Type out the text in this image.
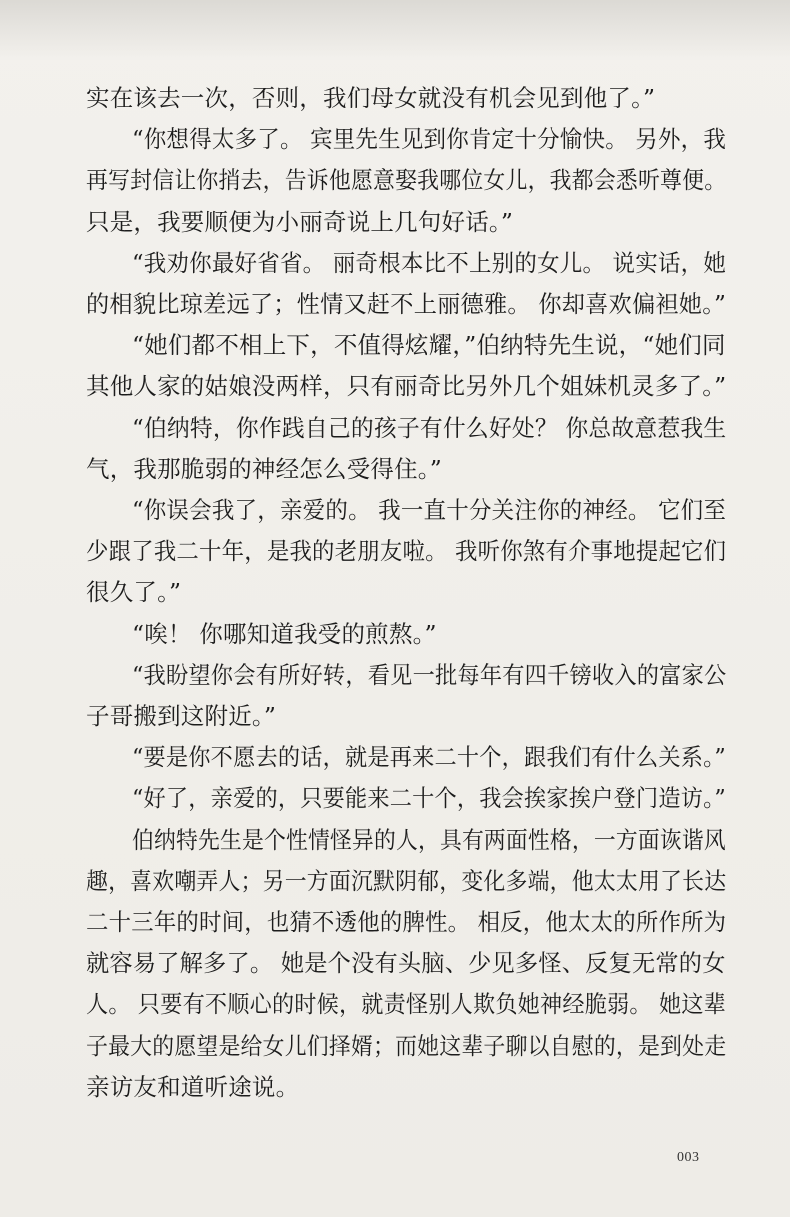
实在该去一次，否则，我们母女就没有机会见到他了。”
“你想得太多了。 宾里先生见到你肯定十分愉快。 另外，我
再写封信让你捎去，告诉他愿意娶我哪位女儿，我都会悉听尊便。
只是，我要顺便为小丽奇说上几句好话。”
“我劝你最好省省。 丽奇根本比不上别的女儿。 说实话，她
的相貌比琼差远了；性情又赶不上丽德雅。 你却喜欢偏袒她。”
“她们都不相上下，不值得炫耀，”伯纳特先生说，“她们同
其他人家的姑娘没两样，只有丽奇比另外几个姐妹机灵多了。”
“伯纳特，你作践自己的孩子有什么好处？ 你总故意惹我生
气，我那脆弱的神经怎么受得住。”
“你误会我了，亲爱的。 我一直十分关注你的神经。 它们至
少跟了我二十年，是我的老朋友啦。 我听你煞有介事地提起它们
很久了。”
“唉！ 你哪知道我受的煎熬。”
“我盼望你会有所好转，看见一批每年有四千镑收入的富家公
子哥搬到这附近。”
“要是你不愿去的话，就是再来二十个，跟我们有什么关系。”
“好了，亲爱的，只要能来二十个，我会挨家挨户登门造访。”
伯纳特先生是个性情怪异的人，具有两面性格，一方面诙谐风
趣，喜欢嘲弄人；另一方面沉默阴郁，变化多端，他太太用了长达
二十三年的时间，也猜不透他的脾性。 相反，他太太的所作所为
就容易了解多了。 她是个没有头脑、少见多怪、反复无常的女
人。 只要有不顺心的时候，就责怪别人欺负她神经脆弱。 她这辈
子最大的愿望是给女儿们择婿；而她这辈子聊以自慰的，是到处走
亲访友和道听途说。
003
